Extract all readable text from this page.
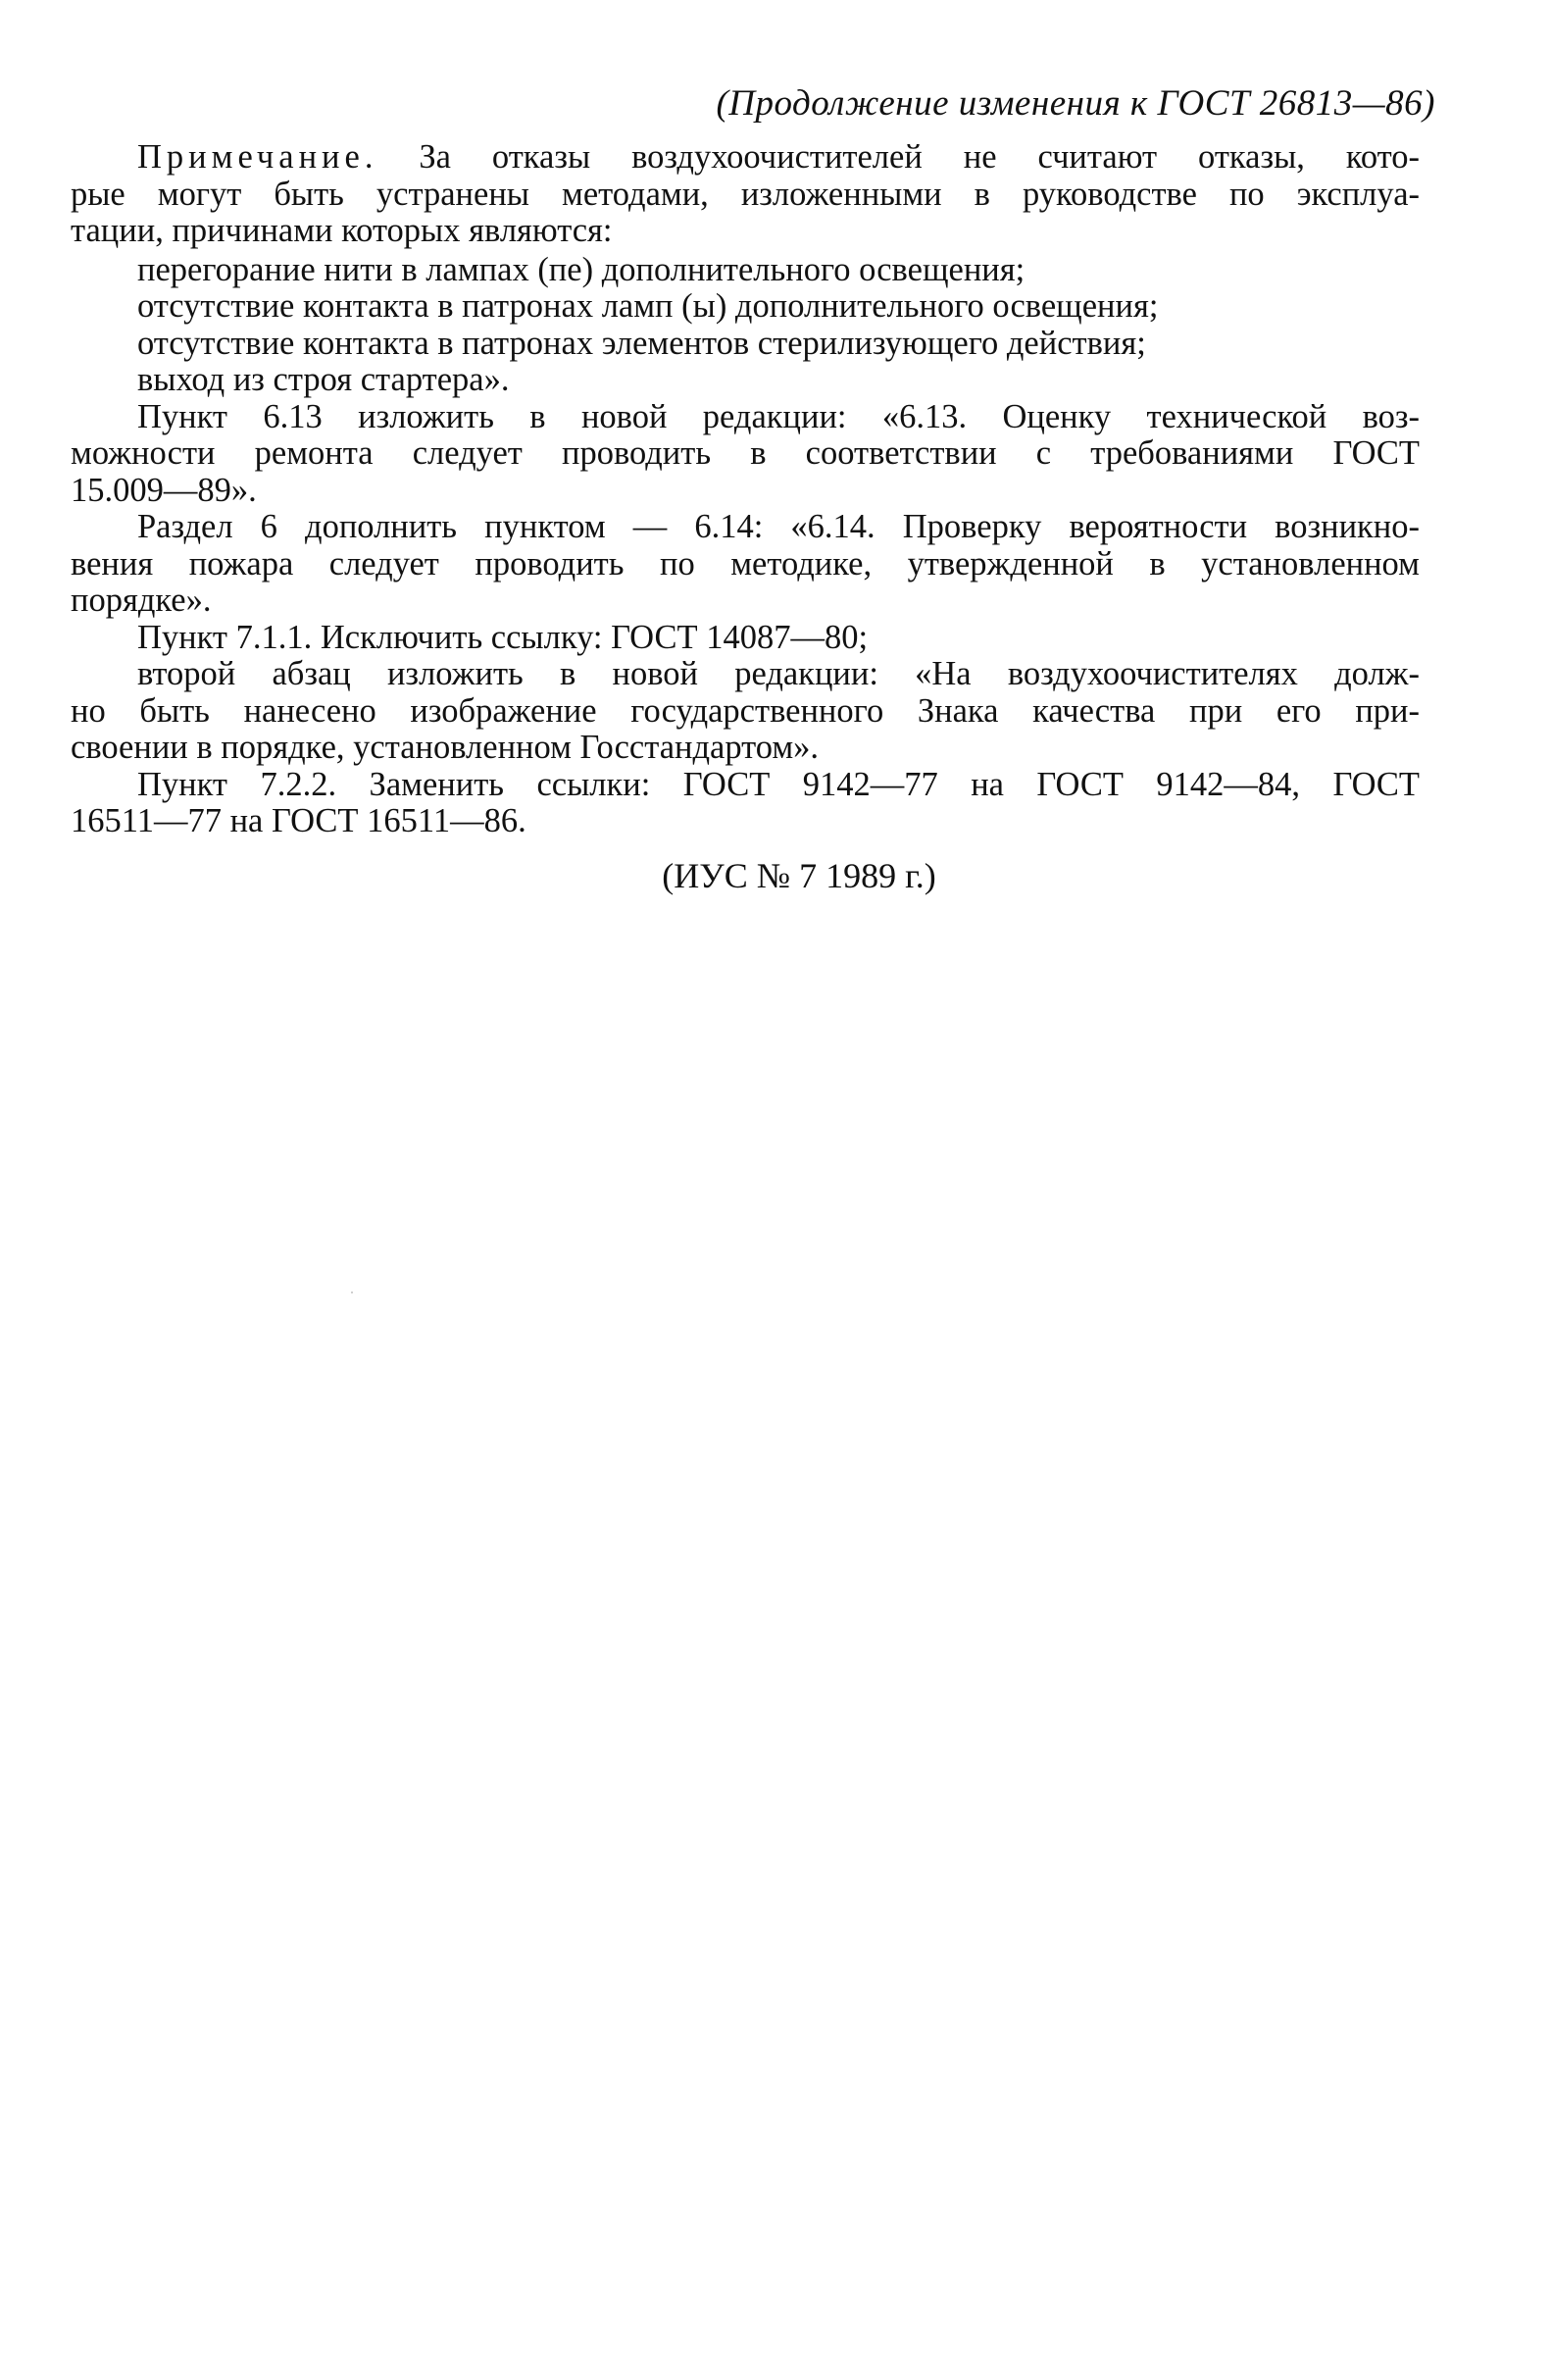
(Продолжение изменения к ГОСТ 26813—86)
Примечание. За отказы воздухоочистителей не считают отказы, кото-
рые могут быть устранены методами, изложенными в руководстве по эксплуа-
тации, причинами которых являются:
перегорание нити в лампах (пе) дополнительного освещения;
отсутствие контакта в патронах ламп (ы) дополнительного освещения;
отсутствие контакта в патронах элементов стерилизующего действия;
выход из строя стартера».
Пункт 6.13 изложить в новой редакции: «6.13. Оценку технической воз-
можности ремонта следует проводить в соответствии с требованиями ГОСТ
15.009—89».
Раздел 6 дополнить пунктом — 6.14: «6.14. Проверку вероятности возникно-
вения пожара следует проводить по методике, утвержденной в установленном
порядке».
Пункт 7.1.1. Исключить ссылку: ГОСТ 14087—80;
второй абзац изложить в новой редакции: «На воздухоочистителях долж-
но быть нанесено изображение государственного Знака качества при его при-
своении в порядке, установленном Госстандартом».
Пункт 7.2.2. Заменить ссылки: ГОСТ 9142—77 на ГОСТ 9142—84, ГОСТ
16511—77 на ГОСТ 16511—86.
(ИУС № 7 1989 г.)
